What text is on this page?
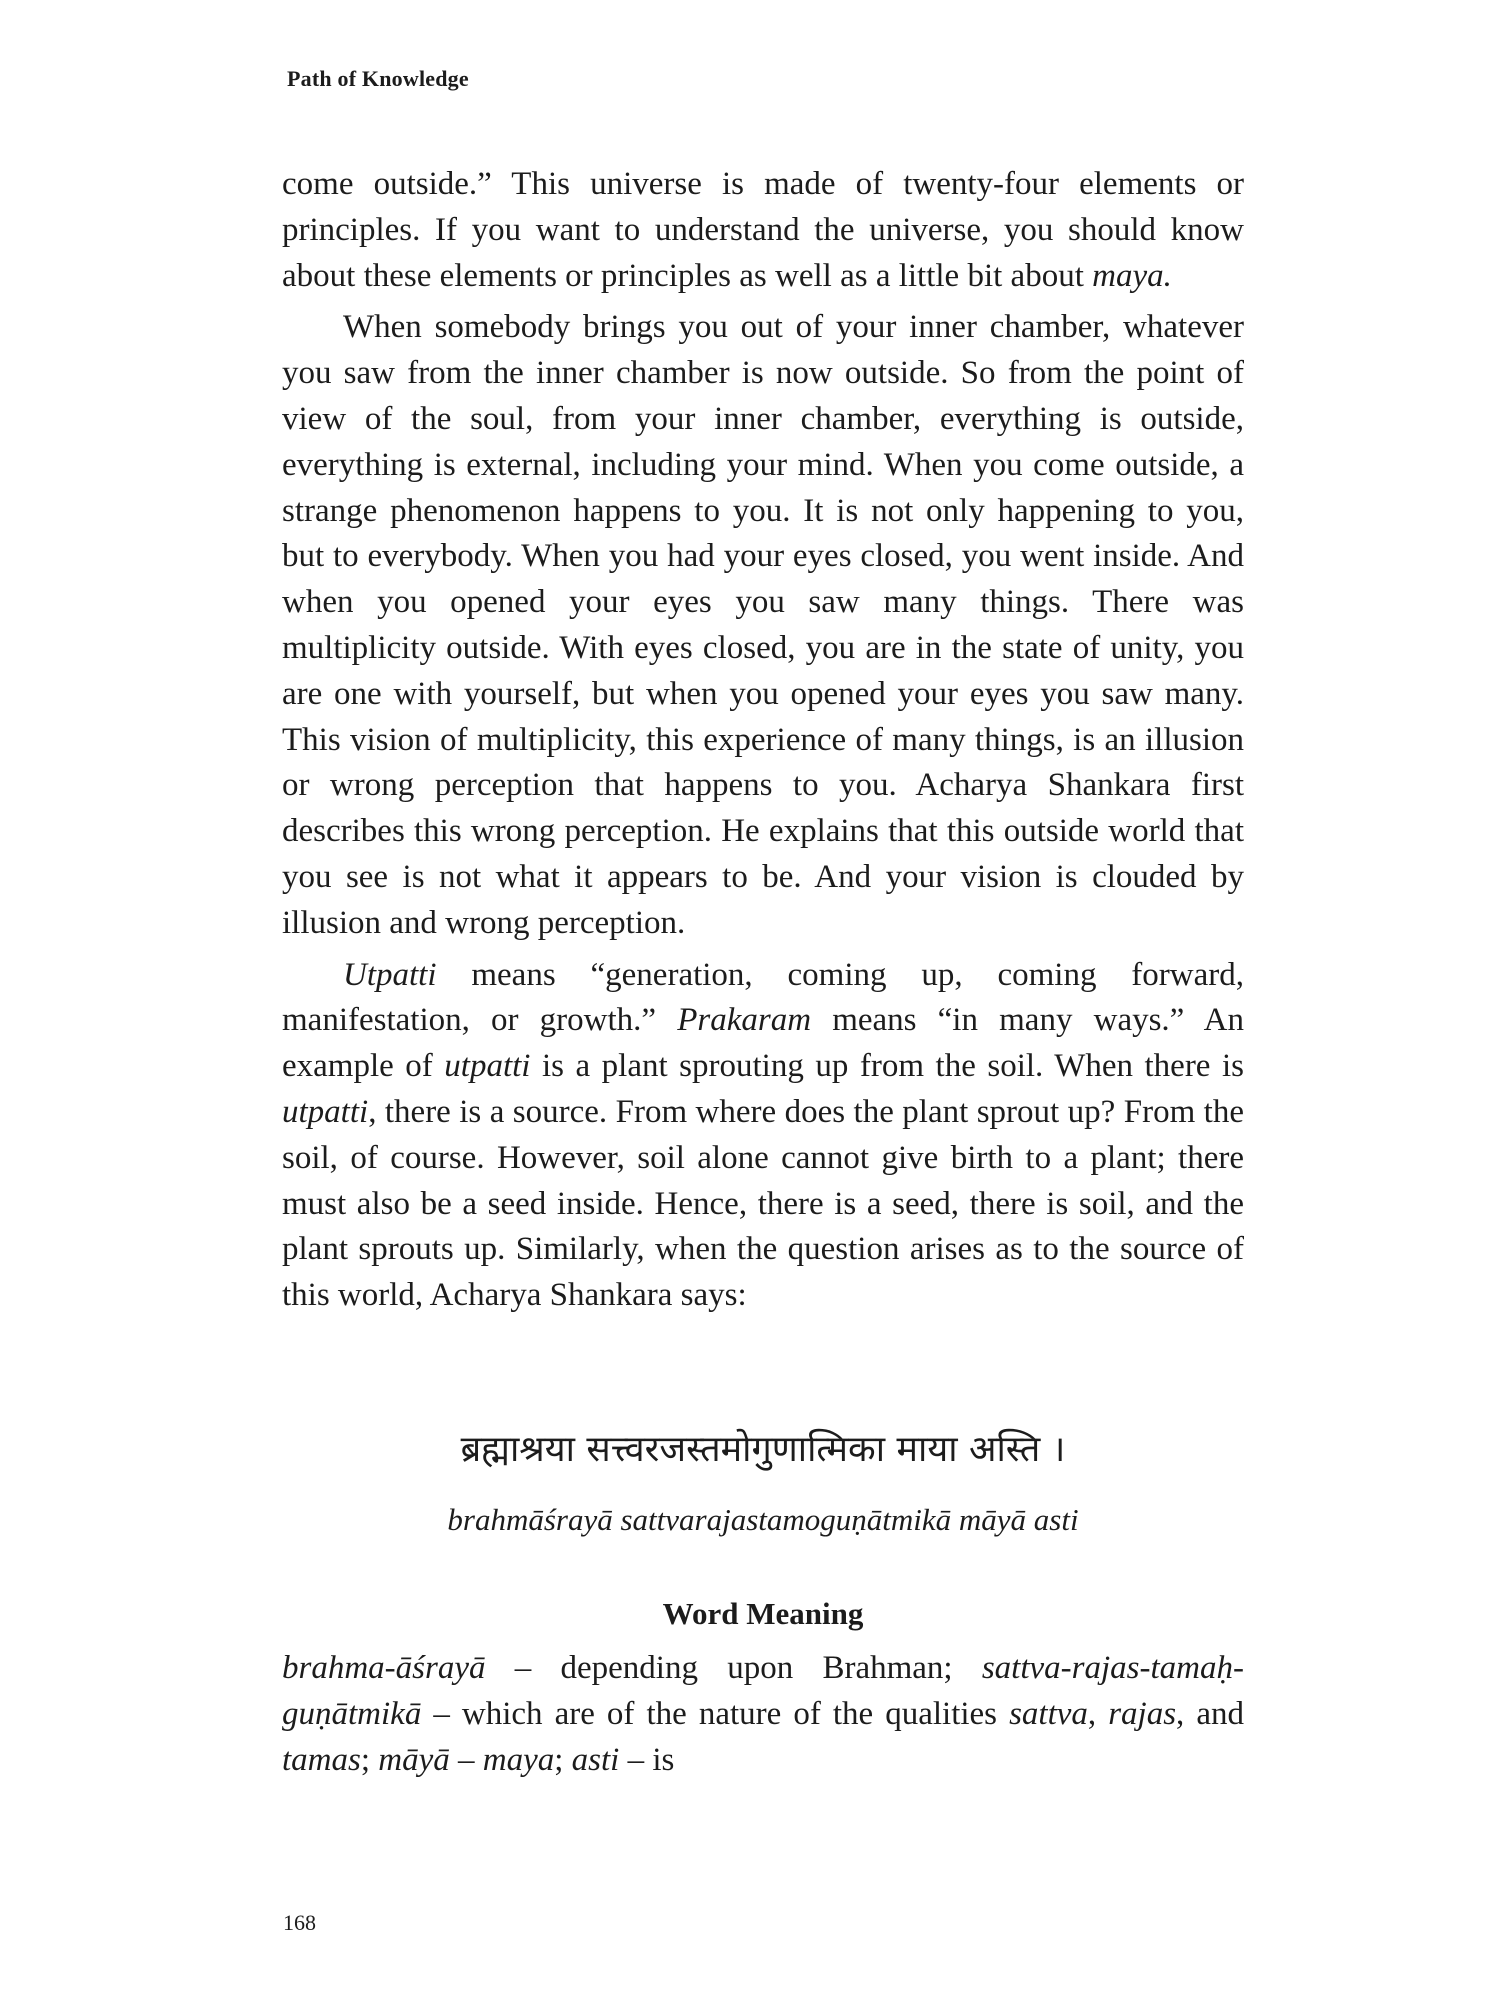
Path of Knowledge

come outside.” This universe is made of twenty-four elements or principles. If you want to understand the universe, you should know about these elements or principles as well as a little bit about maya.

When somebody brings you out of your inner chamber, whatever you saw from the inner chamber is now outside. So from the point of view of the soul, from your inner chamber, everything is outside, everything is external, including your mind. When you come outside, a strange phenomenon happens to you. It is not only happening to you, but to everybody. When you had your eyes closed, you went inside. And when you opened your eyes you saw many things. There was multiplicity outside. With eyes closed, you are in the state of unity, you are one with yourself, but when you opened your eyes you saw many. This vision of multiplicity, this experience of many things, is an illusion or wrong perception that happens to you. Acharya Shankara first describes this wrong perception. He explains that this outside world that you see is not what it appears to be. And your vision is clouded by illusion and wrong perception.

Utpatti means “generation, coming up, coming forward, manifestation, or growth.” Prakaram means “in many ways.” An example of utpatti is a plant sprouting up from the soil. When there is utpatti, there is a source. From where does the plant sprout up? From the soil, of course. However, soil alone cannot give birth to a plant; there must also be a seed inside. Hence, there is a seed, there is soil, and the plant sprouts up. Similarly, when the question arises as to the source of this world, Acharya Shankara says:

ब्रह्माश्रया सत्त्वरजस्तमोगुणात्मिका माया अस्ति ।
brahmāśrayā sattvarajastamoguṇātmikā māyā asti
Word Meaning

brahma-āśrayā – depending upon Brahman; sattva-rajas-tamaḥ-guṇātmikā – which are of the nature of the qualities sattva, rajas, and tamas; māyā – maya; asti – is

168
